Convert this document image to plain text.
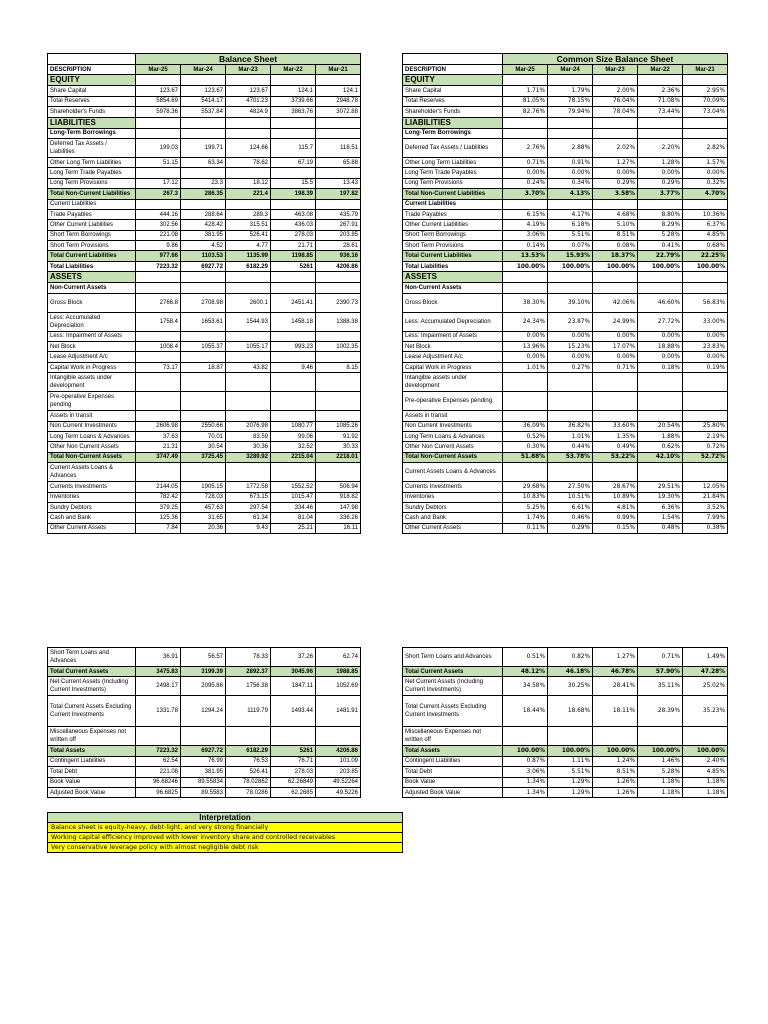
	Balance Sheet				
DESCRIPTION	Mar-25	Mar-24	Mar-23	Mar-22	Mar-21
EQUITY					
Share Capital	123.67	123.67	123.67	124.1	124.1
Total Reserves	5854.69	5414.17	4701.23	3739.66	2948.78
Shareholder's Funds	5978.36	5537.84	4824.9	3863.76	3072.88
LIABILITIES					
Long-Term Borrowings					
Deferred Tax Assets / Liabilities	199.03	199.71	124.66	115.7	118.51
Other Long Term Liabilities	51.15	63.34	78.62	67.19	65.88
Long Term Trade Payables					
Long Term Provisions	17.12	23.3	18.12	15.5	13.43
Total Non-Current Liabilities	267.3	286.35	221.4	198.39	197.82
Current Liabilities					
Trade Payables	444.16	288.64	289.3	463.08	435.79
Other Current Liabilities	302.56	428.42	315.51	436.03	267.91
Short Term Borrowings	221.08	381.95	526.41	278.03	203.85
Short Term Provisions	9.86	4.52	4.77	21.71	28.61
Total Current Liabilities	977.66	1103.53	1135.99	1198.85	936.16
Total Liabilities	7223.32	6927.72	6182.29	5261	4206.86
ASSETS					
Non-Current Assets					
Gross Block	2766.8	2708.98	2600.1	2451.41	2390.73
Less: Accumulated Depreciation	1758.4	1653.61	1544.93	1458.18	1388.38
Less: Impairment of Assets					
Net Block	1008.4	1055.37	1055.17	993.23	1002.35
Lease Adjustment A/c					
Capital Work in Progress	73.17	18.87	43.82	9.46	8.15
Intangible assets under development					
Pre-operative Expenses pending					
Assets in transit					
Non Current Investments	2606.98	2550.66	2076.98	1080.77	1085.26
Long Term Loans & Advances	37.63	70.01	83.59	99.06	91.92
Other Non Current Assets	21.31	30.54	30.36	32.52	30.33
Total Non-Current Assets	3747.49	3725.45	3289.92	2215.04	2218.01
Current Assets Loans & Advances					
Currents Investments	2144.05	1905.15	1772.58	1552.52	506.94
Inventories	782.42	728.03	673.15	1015.47	918.82
Sundry Debtors	379.25	457.63	297.54	334.46	147.98
Cash and Bank	125.36	31.65	61.34	81.04	336.26
Other Current Assets	7.84	20.36	9.43	25.21	16.11
	Common Size Balance Sheet				
DESCRIPTION	Mar-25	Mar-24	Mar-23	Mar-22	Mar-21
EQUITY					
Share Capital	1.71%	1.79%	2.00%	2.36%	2.95%
Total Reserves	81.05%	78.15%	76.04%	71.08%	70.09%
Shareholder's Funds	82.76%	79.94%	78.04%	73.44%	73.04%
LIABILITIES					
Long-Term Borrowings					
Deferred Tax Assets / Liabilities	2.76%	2.88%	2.02%	2.20%	2.82%
Other Long Term Liabilities	0.71%	0.91%	1.27%	1.28%	1.57%
Long Term Trade Payables	0.00%	0.00%	0.00%	0.00%	0.00%
Long Term Provisions	0.24%	0.34%	0.29%	0.29%	0.32%
Total Non-Current Liabilities	3.70%	4.13%	3.58%	3.77%	4.70%
Current Liabilities					
Trade Payables	6.15%	4.17%	4.68%	8.80%	10.36%
Other Current Liabilities	4.19%	6.18%	5.10%	8.29%	6.37%
Short Term Borrowings	3.06%	5.51%	8.51%	5.28%	4.85%
Short Term Provisions	0.14%	0.07%	0.08%	0.41%	0.68%
Total Current Liabilities	13.53%	15.93%	18.37%	22.79%	22.25%
Total Liabilities	100.00%	100.00%	100.00%	100.00%	100.00%
ASSETS					
Non-Current Assets					
Gross Block	38.30%	39.10%	42.06%	46.60%	56.83%
Less: Accumulated Depreciation	24.34%	23.87%	24.99%	27.72%	33.00%
Less: Impairment of Assets	0.00%	0.00%	0.00%	0.00%	0.00%
Net Block	13.96%	15.23%	17.07%	18.88%	23.83%
Lease Adjustment A/c	0.00%	0.00%	0.00%	0.00%	0.00%
Capital Work in Progress	1.01%	0.27%	0.71%	0.18%	0.19%
Intangible assets under development					
Pre-operative Expenses pending					
Assets in transit					
Non Current Investments	36.09%	36.82%	33.60%	20.54%	25.80%
Long Term Loans & Advances	0.52%	1.01%	1.35%	1.88%	2.19%
Other Non Current Assets	0.30%	0.44%	0.49%	0.62%	0.72%
Total Non-Current Assets	51.88%	53.78%	53.22%	42.10%	52.72%
Current Assets Loans & Advances					
Currents Investments	29.68%	27.50%	28.67%	29.51%	12.05%
Inventories	10.83%	10.51%	10.89%	19.30%	21.84%
Sundry Debtors	5.25%	6.61%	4.81%	6.36%	3.52%
Cash and Bank	1.74%	0.46%	0.99%	1.54%	7.99%
Other Current Assets	0.11%	0.29%	0.15%	0.48%	0.38%
Short Term Loans and Advances	36.91	56.57	78.33	37.26	62.74
Total Current Assets	3475.83	3199.39	2892.37	3045.96	1988.85
Net Current Assets (Including Current Investments)	2498.17	2095.86	1756.38	1847.11	1052.69
Total Current Assets Excluding Current Investments	1331.78	1294.24	1119.79	1493.44	1481.91
Miscellaneous Expenses not written off					
Total Assets	7223.32	6927.72	6182.29	5261	4206.86
Contingent Liabilities	62.54	76.99	76.53	76.71	101.09
Total Debt	221.08	381.95	526.41	278.03	203.85
Book Value	96.68246	89.55834	78.02862	62.26849	49.52264
Adjusted Book Value	96.6825	89.5583	78.0286	62.2685	49.5226
Short Term Loans and Advances	0.51%	0.82%	1.27%	0.71%	1.49%
Total Current Assets	48.12%	46.18%	46.78%	57.90%	47.28%
Net Current Assets (Including Current Investments)	34.58%	30.25%	28.41%	35.11%	25.02%
Total Current Assets Excluding Current Investments	18.44%	18.68%	18.11%	28.39%	35.23%
Miscellaneous Expenses not written off					
Total Assets	100.00%	100.00%	100.00%	100.00%	100.00%
Contingent Liabilities	0.87%	1.11%	1.24%	1.46%	2.40%
Total Debt	3.06%	5.51%	8.51%	5.28%	4.85%
Book Value	1.34%	1.29%	1.26%	1.18%	1.18%
Adjusted Book Value	1.34%	1.29%	1.26%	1.18%	1.18%
Interpretation
Balance sheet is equity-heavy, debt-light, and very strong financially
Working capital efficiency improved with lower inventory share and controlled receivables
Very conservative leverage policy with almost negligible debt risk
